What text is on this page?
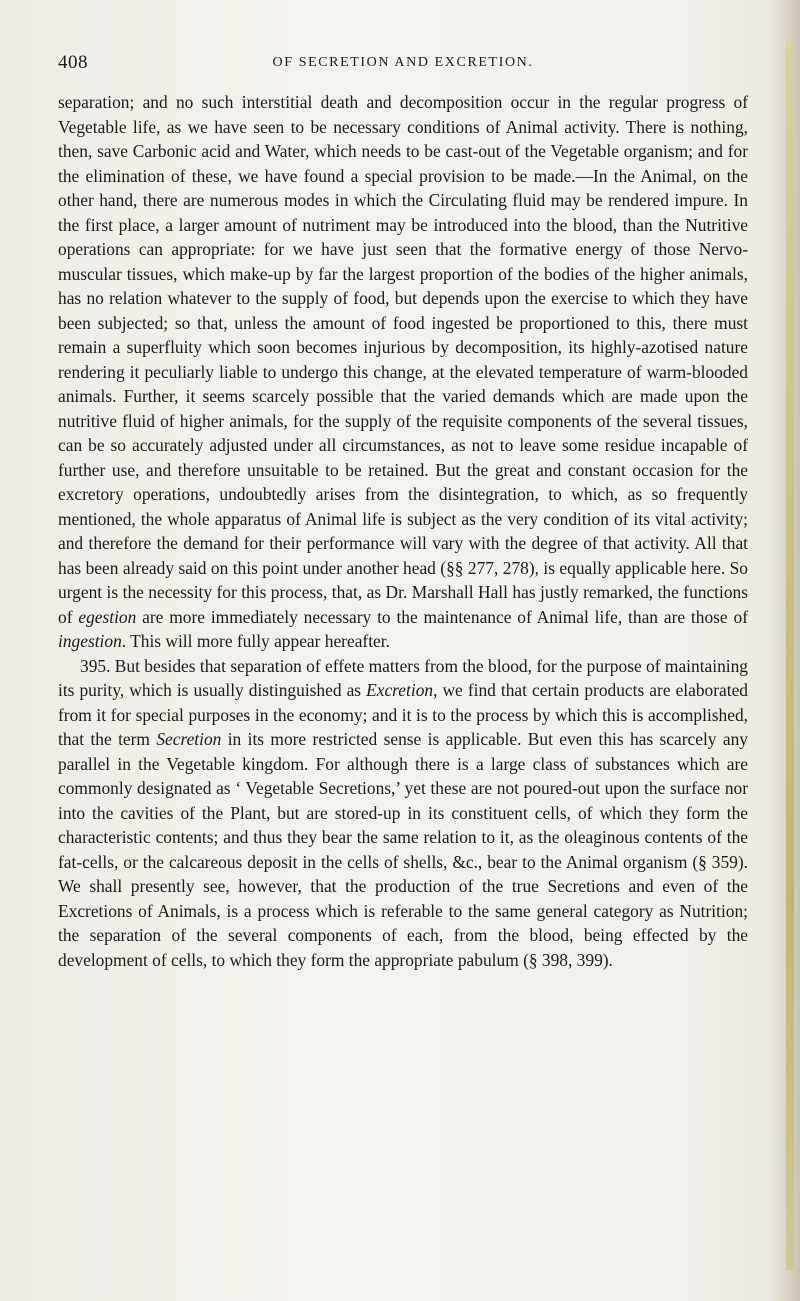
408	OF SECRETION AND EXCRETION.

separation; and no such interstitial death and decomposition occur in the regular progress of Vegetable life, as we have seen to be necessary conditions of Animal activity. There is nothing, then, save Carbonic acid and Water, which needs to be cast-out of the Vegetable organism; and for the elimination of these, we have found a special provision to be made.—In the Animal, on the other hand, there are numerous modes in which the Circulating fluid may be rendered impure. In the first place, a larger amount of nutriment may be introduced into the blood, than the Nutritive operations can appropriate: for we have just seen that the formative energy of those Nervo-muscular tissues, which make-up by far the largest proportion of the bodies of the higher animals, has no relation whatever to the supply of food, but depends upon the exercise to which they have been subjected; so that, unless the amount of food ingested be proportioned to this, there must remain a superfluity which soon becomes injurious by decomposition, its highly-azotised nature rendering it peculiarly liable to undergo this change, at the elevated temperature of warm-blooded animals. Further, it seems scarcely possible that the varied demands which are made upon the nutritive fluid of higher animals, for the supply of the requisite components of the several tissues, can be so accurately adjusted under all circumstances, as not to leave some residue incapable of further use, and therefore unsuitable to be retained. But the great and constant occasion for the excretory operations, undoubtedly arises from the disintegration, to which, as so frequently mentioned, the whole apparatus of Animal life is subject as the very condition of its vital activity; and therefore the demand for their performance will vary with the degree of that activity. All that has been already said on this point under another head (§§ 277, 278), is equally applicable here. So urgent is the necessity for this process, that, as Dr. Marshall Hall has justly remarked, the functions of egestion are more immediately necessary to the maintenance of Animal life, than are those of ingestion. This will more fully appear hereafter.

395. But besides that separation of effete matters from the blood, for the purpose of maintaining its purity, which is usually distinguished as Excretion, we find that certain products are elaborated from it for special purposes in the economy; and it is to the process by which this is accomplished, that the term Secretion in its more restricted sense is applicable. But even this has scarcely any parallel in the Vegetable kingdom. For although there is a large class of substances which are commonly designated as ‘ Vegetable Secretions,’ yet these are not poured-out upon the surface nor into the cavities of the Plant, but are stored-up in its constituent cells, of which they form the characteristic contents; and thus they bear the same relation to it, as the oleaginous contents of the fat-cells, or the calcareous deposit in the cells of shells, &c., bear to the Animal organism (§ 359). We shall presently see, however, that the production of the true Secretions and even of the Excretions of Animals, is a process which is referable to the same general category as Nutrition; the separation of the several components of each, from the blood, being effected by the development of cells, to which they form the appropriate pabulum (§ 398, 399).
